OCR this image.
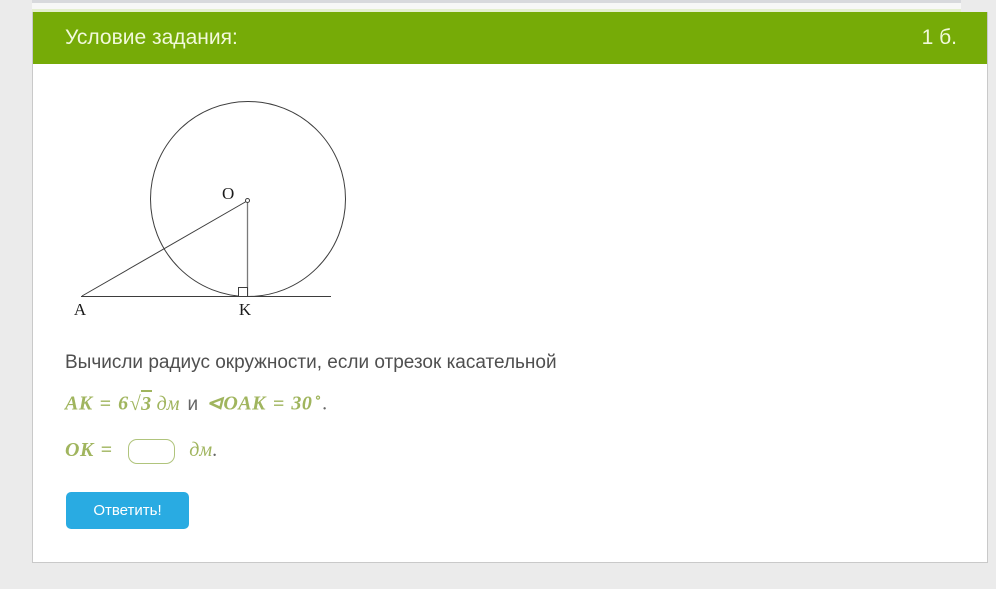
Условие задания:	1 б.
O
A	K
Вычисли радиус окружности, если отрезок касательной
AK = 6√3 дм и ⊲OAK = 30 ∘.
OK =	дм.
Ответить!
